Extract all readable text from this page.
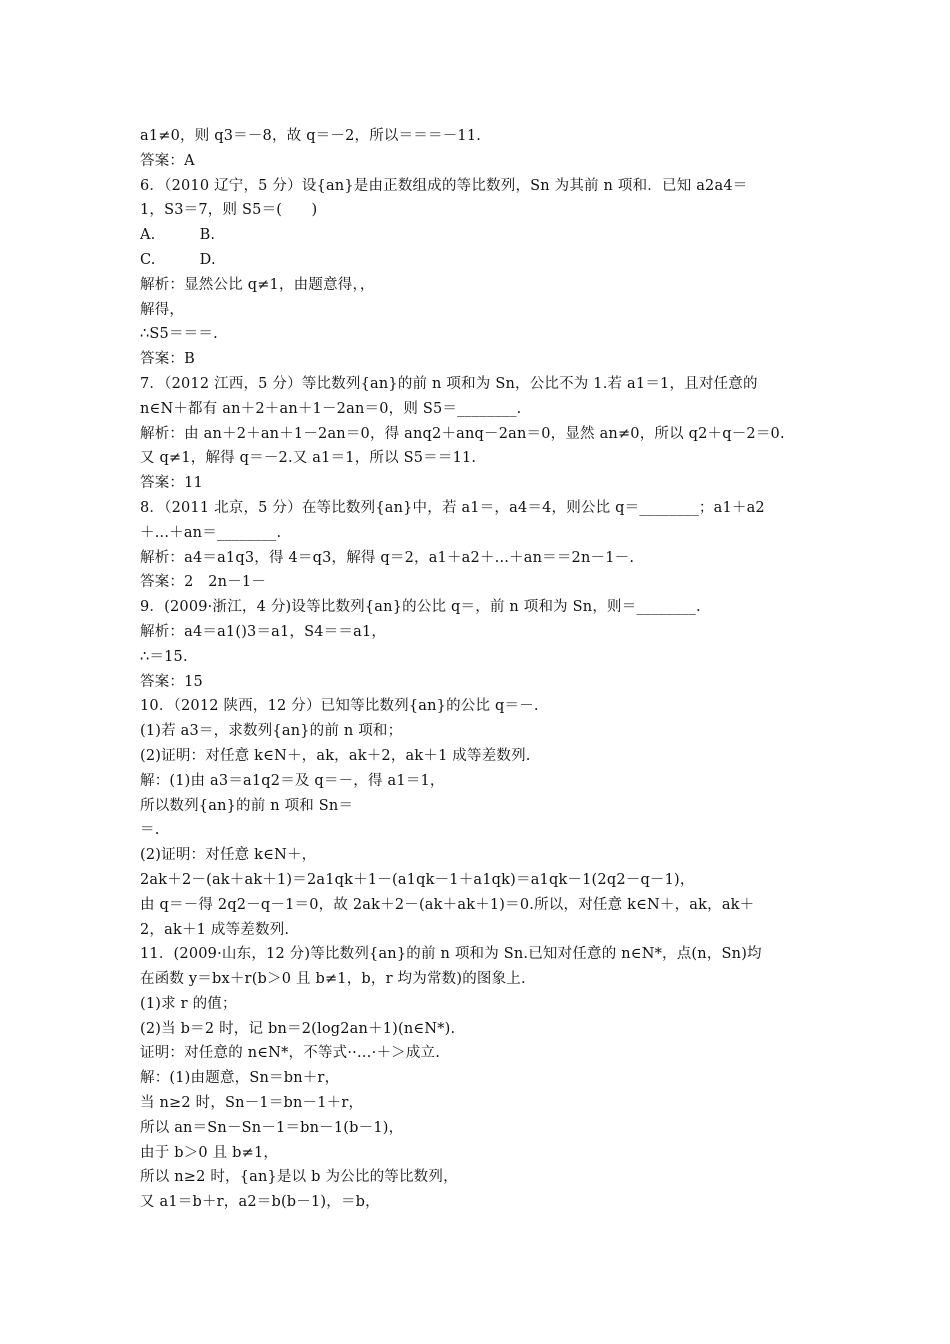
a1≠0，则 q3＝－8，故 q＝－2，所以＝＝＝－11.
答案：A
6．（2010 辽宁，5 分）设{an}是由正数组成的等比数列，Sn 为其前 n 项和．已知 a2a4＝
1，S3＝7，则 S5＝(　　)
A.　　　B.
C.　　　D.
解析：显然公比 q≠1，由题意得，，
解得，
∴S5＝＝＝.
答案：B
7．（2012 江西，5 分）等比数列{an}的前 n 项和为 Sn，公比不为 1.若 a1＝1，且对任意的
n∈N＋都有 an＋2＋an＋1－2an＝0，则 S5＝________.
解析：由 an＋2＋an＋1－2an＝0，得 anq2＋anq－2an＝0，显然 an≠0，所以 q2＋q－2＝0.
又 q≠1，解得 q＝－2.又 a1＝1，所以 S5＝＝11.
答案：11
8．（2011 北京，5 分）在等比数列{an}中，若 a1＝，a4＝4，则公比 q＝________；a1＋a2
＋...＋an＝________.
解析：a4＝a1q3，得 4＝q3，解得 q＝2，a1＋a2＋...＋an＝＝2n－1－.
答案：2　2n－1－
9．(2009·浙江，4 分)设等比数列{an}的公比 q＝，前 n 项和为 Sn，则＝________.
解析：a4＝a1()3＝a1，S4＝＝a1，
∴＝15.
答案：15
10．（2012 陕西，12 分）已知等比数列{an}的公比 q＝－.
(1)若 a3＝，求数列{an}的前 n 项和；
(2)证明：对任意 k∈N＋，ak，ak＋2，ak＋1 成等差数列.
解：(1)由 a3＝a1q2＝及 q＝－，得 a1＝1，
所以数列{an}的前 n 项和 Sn＝
＝.
(2)证明：对任意 k∈N＋，
2ak＋2－(ak＋ak＋1)＝2a1qk＋1－(a1qk－1＋a1qk)＝a1qk－1(2q2－q－1)，
由 q＝－得 2q2－q－1＝0，故 2ak＋2－(ak＋ak＋1)＝0.所以，对任意 k∈N＋，ak，ak＋
2，ak＋1 成等差数列.
11．(2009·山东，12 分)等比数列{an}的前 n 项和为 Sn.已知对任意的 n∈N*，点(n，Sn)均
在函数 y＝bx＋r(b＞0 且 b≠1，b，r 均为常数)的图象上.
(1)求 r 的值；
(2)当 b＝2 时，记 bn＝2(log2an＋1)(n∈N*).
证明：对任意的 n∈N*，不等式··…·＋＞成立.
解：(1)由题意，Sn＝bn＋r，
当 n≥2 时，Sn－1＝bn－1＋r，
所以 an＝Sn－Sn－1＝bn－1(b－1)，
由于 b＞0 且 b≠1，
所以 n≥2 时，{an}是以 b 为公比的等比数列，
又 a1＝b＋r，a2＝b(b－1)，＝b，
